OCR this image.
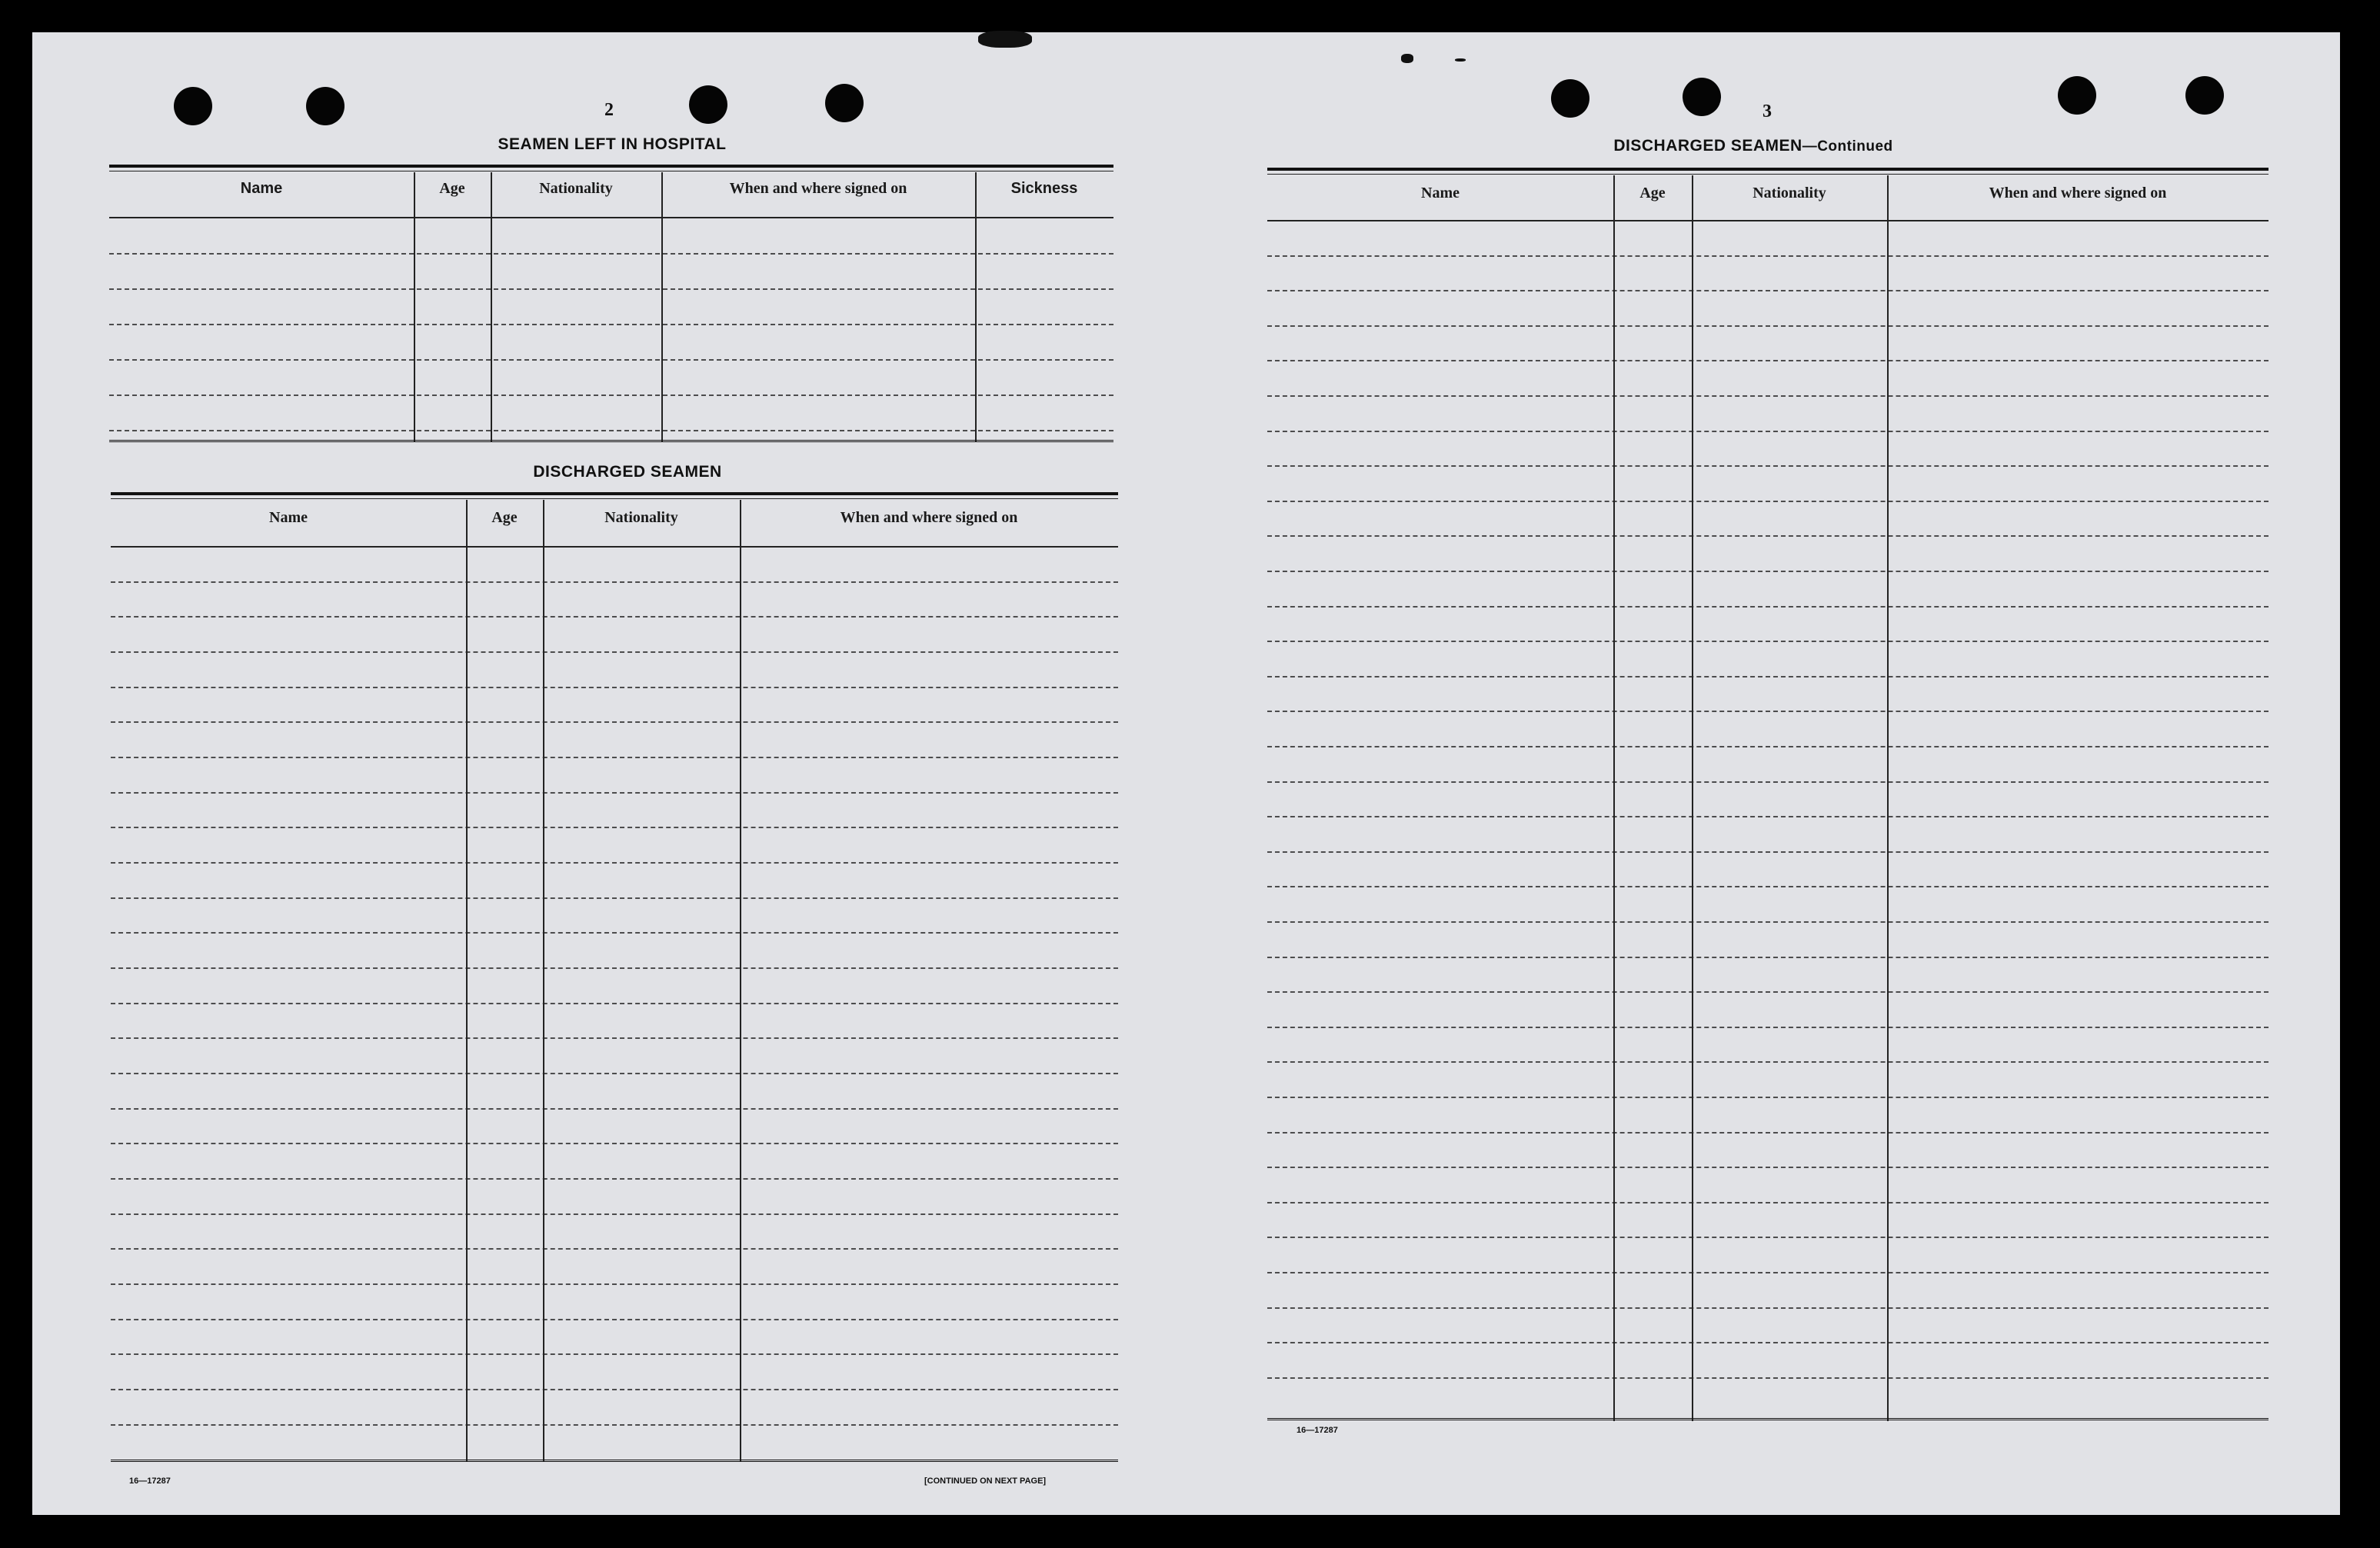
2
SEAMEN LEFT IN HOSPITAL
Name	Age	Nationality	When and where signed on	Sickness
DISCHARGED SEAMEN
Name	Age	Nationality	When and where signed on
16—17287	[CONTINUED ON NEXT PAGE]
3
DISCHARGED SEAMEN—Continued
Name	Age	Nationality	When and where signed on
16—17287
